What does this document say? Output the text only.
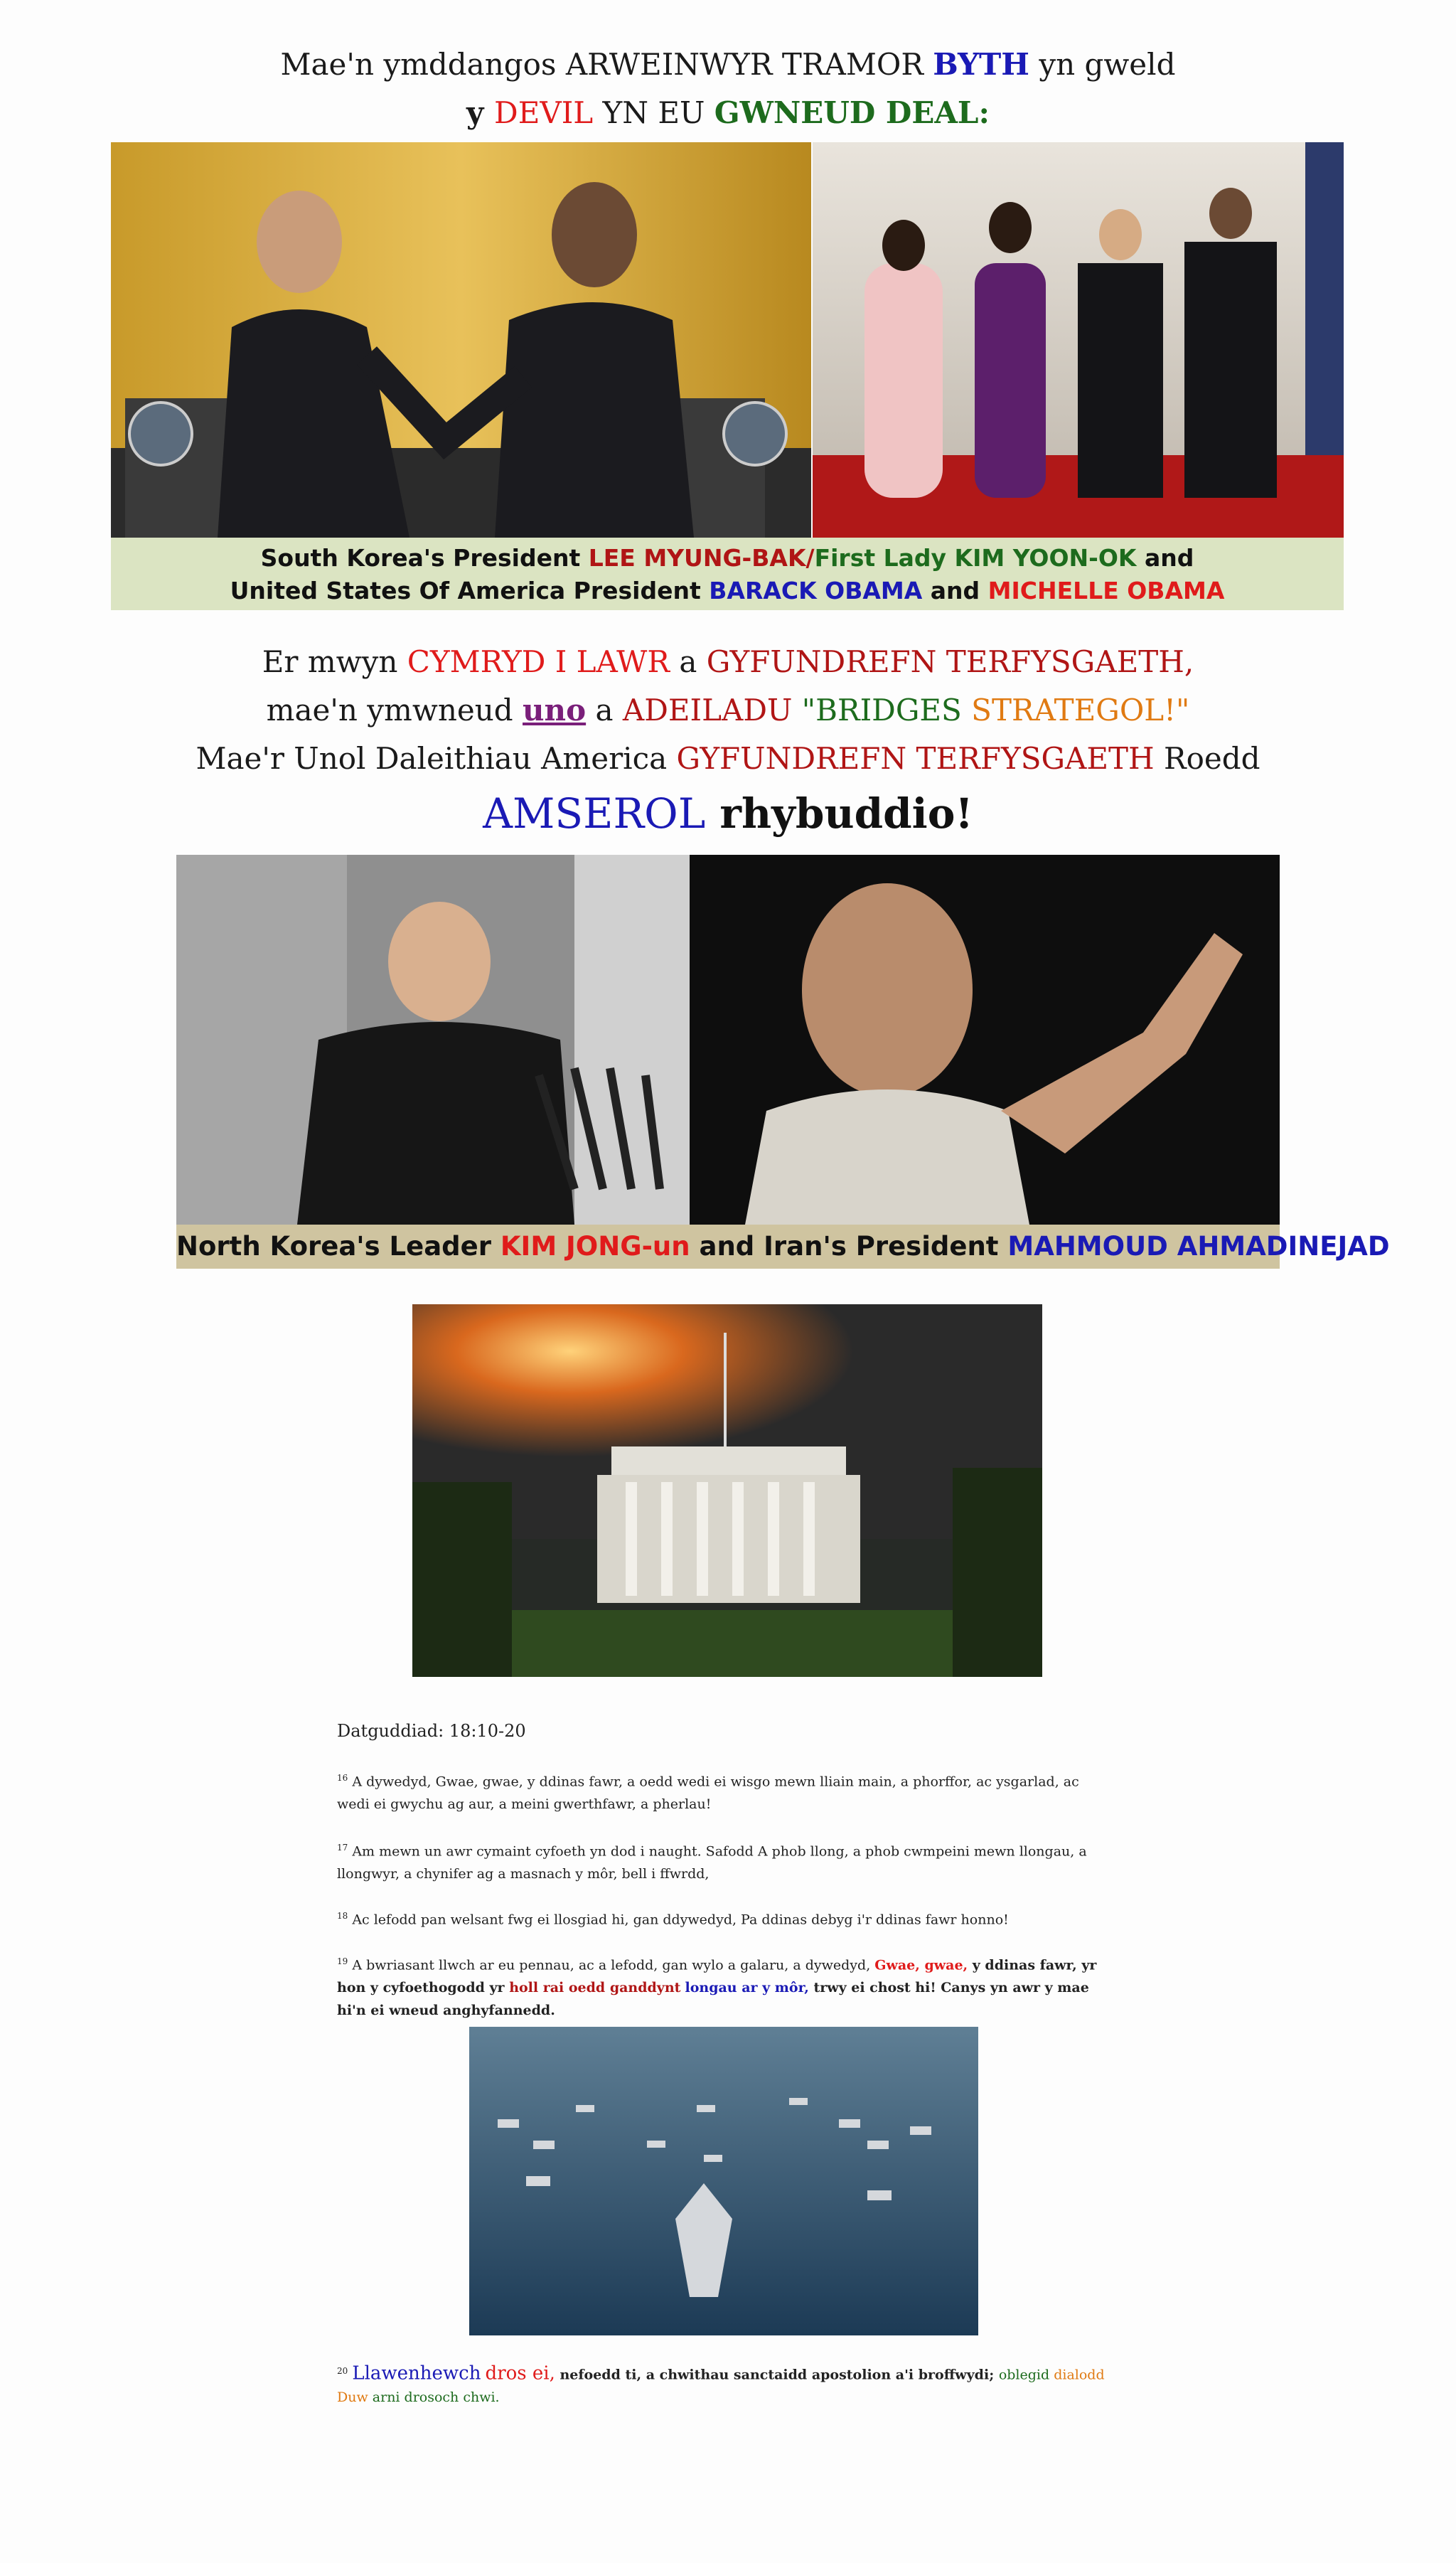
Mae'n ymddangos ARWEINWYR TRAMOR BYTH yn gweld
y DEVIL YN EU GWNEUD DEAL:
South Korea's President LEE MYUNG-BAK/First Lady KIM YOON-OK and
United States Of America President BARACK OBAMA and MICHELLE OBAMA
Er mwyn CYMRYD I LAWR a GYFUNDREFN TERFYSGAETH,
mae'n ymwneud uno a ADEILADU "BRIDGES STRATEGOL!"
Mae'r Unol Daleithiau America GYFUNDREFN TERFYSGAETH Roedd
AMSEROL rhybuddio!
North Korea's Leader KIM JONG-un and Iran's President MAHMOUD AHMADINEJAD
Datguddiad: 18:10-20
$^{16}$ A dywedyd, Gwae, gwae, y ddinas fawr, a oedd wedi ei wisgo mewn lliain main, a phorffor, ac ysgarlad, ac wedi ei gwychu ag aur, a meini gwerthfawr, a pherlau!
$^{17}$ Am mewn un awr cymaint cyfoeth yn dod i naught. Safodd A phob llong, a phob cwmpeini mewn llongau, a llongwyr, a chynifer ag a masnach y môr, bell i ffwrdd,
$^{18}$ Ac lefodd pan welsant fwg ei llosgiad hi, gan ddywedyd, Pa ddinas debyg i'r ddinas fawr honno!
$^{19}$ A bwriasant llwch ar eu pennau, ac a lefodd, gan wylo a galaru, a dywedyd, Gwae, gwae, y ddinas fawr, yr hon y cyfoethogodd yr holl rai oedd ganddynt longau ar y môr, trwy ei chost hi! Canys yn awr y mae hi'n ei wneud anghyfannedd.
$^{20}$ Llawenhewch dros ei, nefoedd ti, a chwithau sanctaidd apostolion a'i broffwydi; oblegid dialodd Duw arni drosoch chwi.
